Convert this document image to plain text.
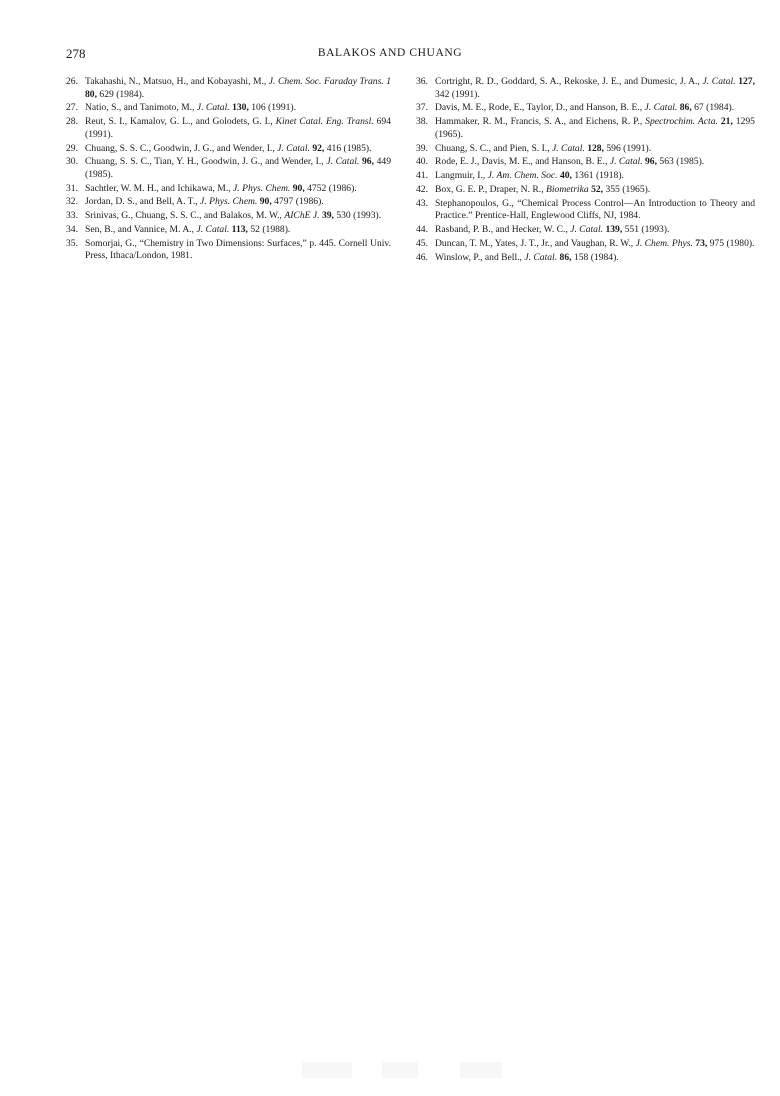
278	BALAKOS AND CHUANG
26. Takahashi, N., Matsuo, H., and Kobayashi, M., J. Chem. Soc. Faraday Trans. 1 80, 629 (1984).
27. Natio, S., and Tanimoto, M., J. Catal. 130, 106 (1991).
28. Reut, S. I., Kamalov, G. L., and Golodets, G. I., Kinet Catal. Eng. Transl. 694 (1991).
29. Chuang, S. S. C., Goodwin, J. G., and Wender, I., J. Catal. 92, 416 (1985).
30. Chuang, S. S. C., Tian, Y. H., Goodwin, J. G., and Wender, I., J. Catal. 96, 449 (1985).
31. Sachtler, W. M. H., and Ichikawa, M., J. Phys. Chem. 90, 4752 (1986).
32. Jordan, D. S., and Bell, A. T., J. Phys. Chem. 90, 4797 (1986).
33. Srinivas, G., Chuang, S. S. C., and Balakos, M. W., AIChE J. 39, 530 (1993).
34. Sen, B., and Vannice, M. A., J. Catal. 113, 52 (1988).
35. Somorjai, G., “Chemistry in Two Dimensions: Surfaces,” p. 445. Cornell Univ. Press, Ithaca/London, 1981.
36. Cortright, R. D., Goddard, S. A., Rekoske, J. E., and Dumesic, J. A., J. Catal. 127, 342 (1991).
37. Davis, M. E., Rode, E., Taylor, D., and Hanson, B. E., J. Catal. 86, 67 (1984).
38. Hammaker, R. M., Francis, S. A., and Eichens, R. P., Spectrochim. Acta. 21, 1295 (1965).
39. Chuang, S. C., and Pien, S. I., J. Catal. 128, 596 (1991).
40. Rode, E. J., Davis, M. E., and Hanson, B. E., J. Catal. 96, 563 (1985).
41. Langmuir, I., J. Am. Chem. Soc. 40, 1361 (1918).
42. Box, G. E. P., Draper, N. R., Biometrika 52, 355 (1965).
43. Stephanopoulos, G., “Chemical Process Control—An Introduction to Theory and Practice.” Prentice-Hall, Englewood Cliffs, NJ, 1984.
44. Rasband, P. B., and Hecker, W. C., J. Catal. 139, 551 (1993).
45. Duncan, T. M., Yates, J. T., Jr., and Vaughan, R. W., J. Chem. Phys. 73, 975 (1980).
46. Winslow, P., and Bell., J. Catal. 86, 158 (1984).
